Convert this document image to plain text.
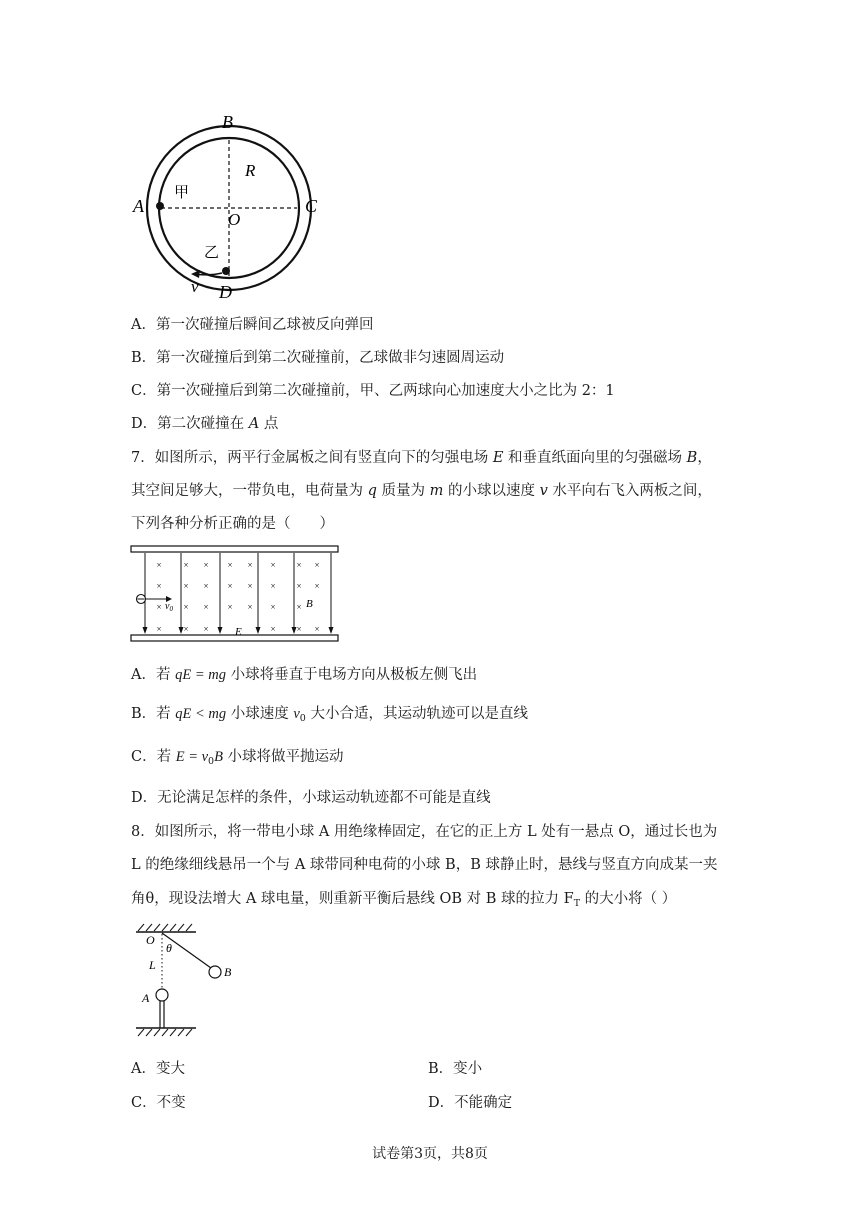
B
R
A
甲
O
C
乙
v D
A．第一次碰撞后瞬间乙球被反向弹回
B．第一次碰撞后到第二次碰撞前，乙球做非匀速圆周运动
C．第一次碰撞后到第二次碰撞前，甲、乙两球向心加速度大小之比为 2：1
D．第二次碰撞在 A 点
7．如图所示，两平行金属板之间有竖直向下的匀强电场 E 和垂直纸面向里的匀强磁场 B，
其空间足够大，一带负电，电荷量为 q 质量为 m 的小球以速度 v 水平向右飞入两板之间，
下列各种分析正确的是（　　）
× × × × × × × ×
× × × × × × × ×
× × × × × × ×
× × ×	× × ×
$v_0$	B
E
A．若 qE = mg 小球将垂直于电场方向从极板左侧飞出
B．若 qE < mg 小球速度 $v_0$ 大小合适，其运动轨迹可以是直线
C．若 $E = v_0B$ 小球将做平抛运动
D．无论满足怎样的条件，小球运动轨迹都不可能是直线
8．如图所示，将一带电小球 A 用绝缘棒固定，在它的正上方 L 处有一悬点 O，通过长也为
L 的绝缘细线悬吊一个与 A 球带同种电荷的小球 B，B 球静止时，悬线与竖直方向成某一夹
角θ，现设法增大 A 球电量，则重新平衡后悬线 OB 对 B 球的拉力 $F_T$ 的大小将（ ）
O
θ
L
A
B
A．变大	B．变小
C．不变	D．不能确定
试卷第3页，共8页
